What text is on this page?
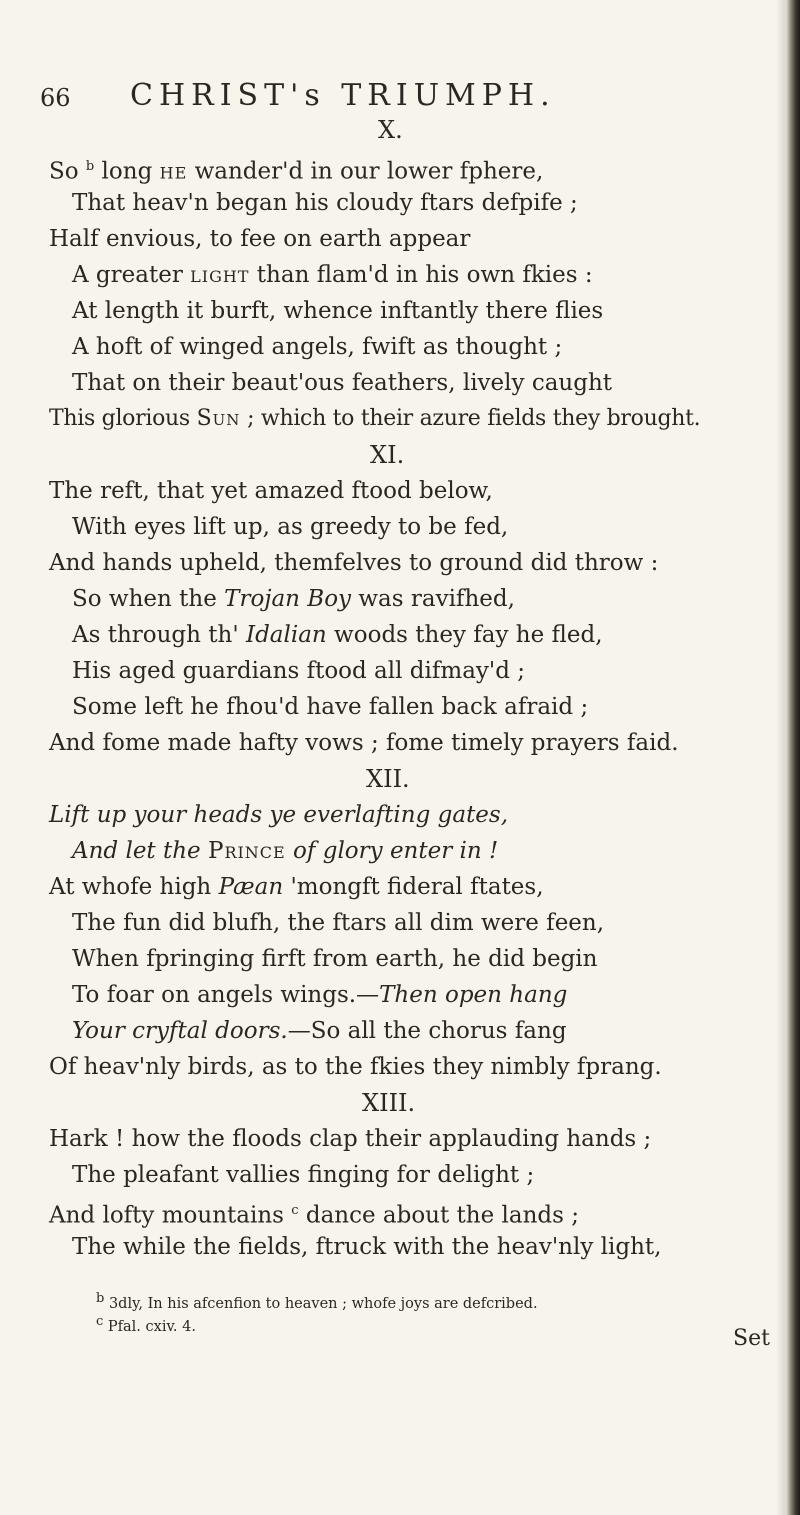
66 CHRIST's TRIUMPH.
X.
So $^b$ long he wander'd in our lower fphere,
That heav'n began his cloudy ftars defpife ;
Half envious, to fee on earth appear
A greater light than flam'd in his own fkies :
At length it burft, whence inftantly there flies
A hoft of winged angels, fwift as thought ;
That on their beaut'ous feathers, lively caught
This glorious Sun ; which to their azure fields they brought.
XI.
The reft, that yet amazed ftood below,
With eyes lift up, as greedy to be fed,
And hands upheld, themfelves to ground did throw :
So when the Trojan Boy was ravifhed,
As through th' Idalian woods they fay he fled,
His aged guardians ftood all difmay'd ;
Some left he fhou'd have fallen back afraid ;
And fome made hafty vows ; fome timely prayers faid.
XII.
Lift up your heads ye everlafting gates,
And let the Prince of glory enter in !
At whofe high Pæan 'mongft fideral ftates,
The fun did blufh, the ftars all dim were feen,
When fpringing firft from earth, he did begin
To foar on angels wings.—Then open hang
Your cryftal doors.—So all the chorus fang
Of heav'nly birds, as to the fkies they nimbly fprang.
XIII.
Hark ! how the floods clap their applauding hands ;
The pleafant vallies finging for delight ;
And lofty mountains $^c$ dance about the lands ;
The while the fields, ftruck with the heav'nly light,
$^b$ 3dly, In his afcenfion to heaven ; whofe joys are defcribed.
$^c$ Pfal. cxiv. 4.	Set
